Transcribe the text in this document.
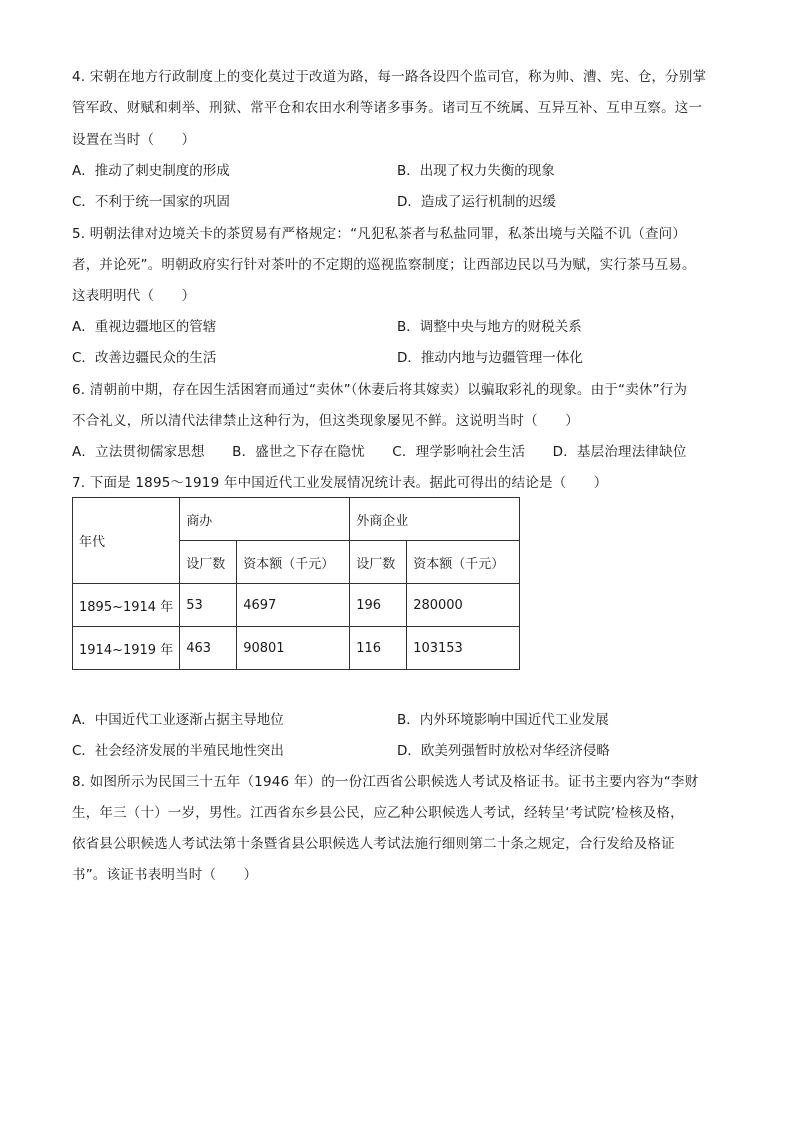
4. 宋朝在地方行政制度上的变化莫过于改道为路，每一路各设四个监司官，称为帅、漕、宪、仓，分别掌
管军政、财赋和刺举、刑狱、常平仓和农田水利等诸多事务。诸司互不统属、互异互补、互申互察。这一
设置在当时（　　）
A．推动了刺史制度的形成	B．出现了权力失衡的现象
C．不利于统一国家的巩固	D．造成了运行机制的迟缓
5. 明朝法律对边境关卡的茶贸易有严格规定：“凡犯私茶者与私盐同罪，私茶出境与关隘不讥（查问）
者，并论死”。明朝政府实行针对茶叶的不定期的巡视监察制度；让西部边民以马为赋，实行茶马互易。
这表明明代（　　）
A．重视边疆地区的管辖	B．调整中央与地方的财税关系
C．改善边疆民众的生活	D．推动内地与边疆管理一体化
6. 清朝前中期，存在因生活困窘而通过“卖休”（休妻后将其嫁卖）以骗取彩礼的现象。由于“卖休”行为
不合礼义，所以清代法律禁止这种行为，但这类现象屡见不鲜。这说明当时（　　）
A．立法贯彻儒家思想　　B．盛世之下存在隐忧　　C．理学影响社会生活　　D．基层治理法律缺位
7. 下面是 1895～1919 年中国近代工业发展情况统计表。据此可得出的结论是（　　）
年代	商办		外商企业	
	设厂数	资本额（千元）	设厂数	资本额（千元）
1895~1914 年	53	4697	196	280000
1914~1919 年	463	90801	116	103153
A．中国近代工业逐渐占据主导地位	B．内外环境影响中国近代工业发展
C．社会经济发展的半殖民地性突出	D．欧美列强暂时放松对华经济侵略
8. 如图所示为民国三十五年（1946 年）的一份江西省公职候选人考试及格证书。证书主要内容为“李财
生，年三（十）一岁，男性。江西省东乡县公民，应乙种公职候选人考试，经转呈‘考试院’检核及格，
依省县公职候选人考试法第十条暨省县公职候选人考试法施行细则第二十条之规定，合行发给及格证
书”。该证书表明当时（　　）
